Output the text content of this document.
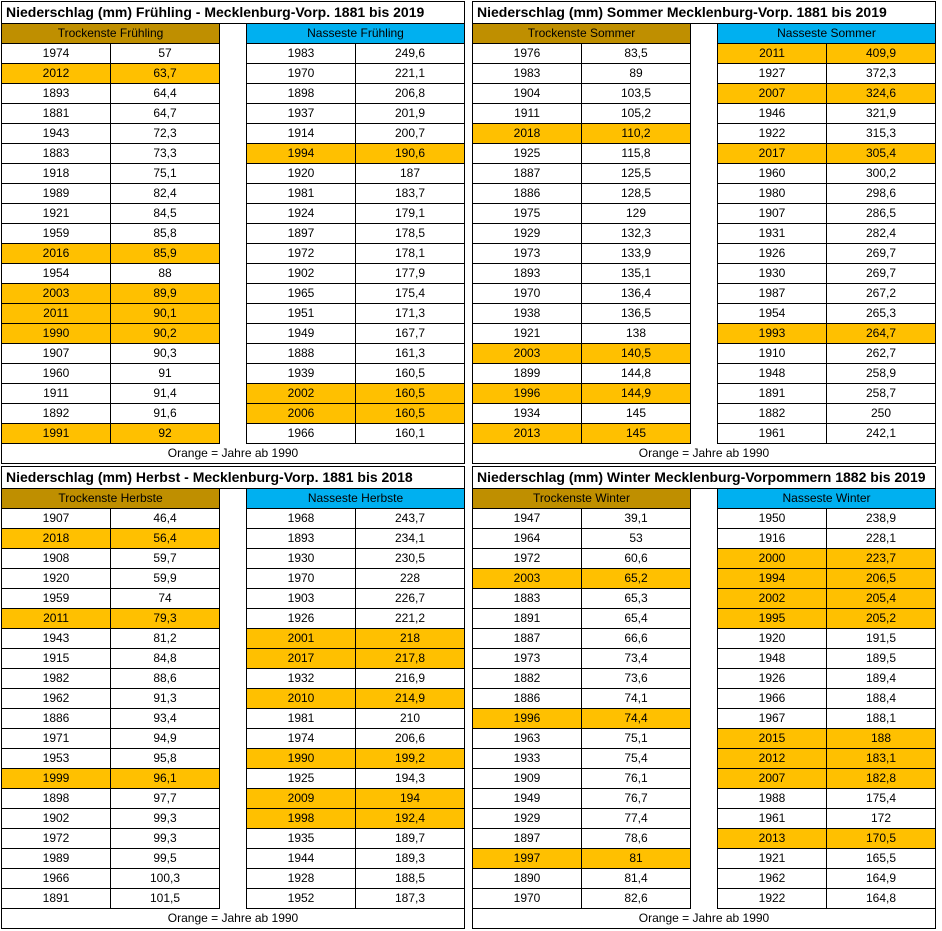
Niederschlag (mm) Frühling - Mecklenburg-Vorp. 1881 bis 2019				
Trockenste Frühling			Nasseste Frühling	
1974	57		1983	249,6
2012	63,7		1970	221,1
1893	64,4		1898	206,8
1881	64,7		1937	201,9
1943	72,3		1914	200,7
1883	73,3		1994	190,6
1918	75,1		1920	187
1989	82,4		1981	183,7
1921	84,5		1924	179,1
1959	85,8		1897	178,5
2016	85,9		1972	178,1
1954	88		1902	177,9
2003	89,9		1965	175,4
2011	90,1		1951	171,3
1990	90,2		1949	167,7
1907	90,3		1888	161,3
1960	91		1939	160,5
1911	91,4		2002	160,5
1892	91,6		2006	160,5
1991	92		1966	160,1
Orange = Jahre ab 1990				
Niederschlag (mm) Sommer Mecklenburg-Vorp. 1881 bis 2019				
Trockenste Sommer			Nasseste Sommer	
1976	83,5		2011	409,9
1983	89		1927	372,3
1904	103,5		2007	324,6
1911	105,2		1946	321,9
2018	110,2		1922	315,3
1925	115,8		2017	305,4
1887	125,5		1960	300,2
1886	128,5		1980	298,6
1975	129		1907	286,5
1929	132,3		1931	282,4
1973	133,9		1926	269,7
1893	135,1		1930	269,7
1970	136,4		1987	267,2
1938	136,5		1954	265,3
1921	138		1993	264,7
2003	140,5		1910	262,7
1899	144,8		1948	258,9
1996	144,9		1891	258,7
1934	145		1882	250
2013	145		1961	242,1
Orange = Jahre ab 1990				
Niederschlag (mm) Herbst - Mecklenburg-Vorp. 1881 bis 2018				
Trockenste Herbste			Nasseste Herbste	
1907	46,4		1968	243,7
2018	56,4		1893	234,1
1908	59,7		1930	230,5
1920	59,9		1970	228
1959	74		1903	226,7
2011	79,3		1926	221,2
1943	81,2		2001	218
1915	84,8		2017	217,8
1982	88,6		1932	216,9
1962	91,3		2010	214,9
1886	93,4		1981	210
1971	94,9		1974	206,6
1953	95,8		1990	199,2
1999	96,1		1925	194,3
1898	97,7		2009	194
1902	99,3		1998	192,4
1972	99,3		1935	189,7
1989	99,5		1944	189,3
1966	100,3		1928	188,5
1891	101,5		1952	187,3
Orange = Jahre ab 1990				
Niederschlag (mm) Winter Mecklenburg-Vorpommern 1882 bis 2019				
Trockenste Winter			Nasseste Winter	
1947	39,1		1950	238,9
1964	53		1916	228,1
1972	60,6		2000	223,7
2003	65,2		1994	206,5
1883	65,3		2002	205,4
1891	65,4		1995	205,2
1887	66,6		1920	191,5
1973	73,4		1948	189,5
1882	73,6		1926	189,4
1886	74,1		1966	188,4
1996	74,4		1967	188,1
1963	75,1		2015	188
1933	75,4		2012	183,1
1909	76,1		2007	182,8
1949	76,7		1988	175,4
1929	77,4		1961	172
1897	78,6		2013	170,5
1997	81		1921	165,5
1890	81,4		1962	164,9
1970	82,6		1922	164,8
Orange = Jahre ab 1990				
